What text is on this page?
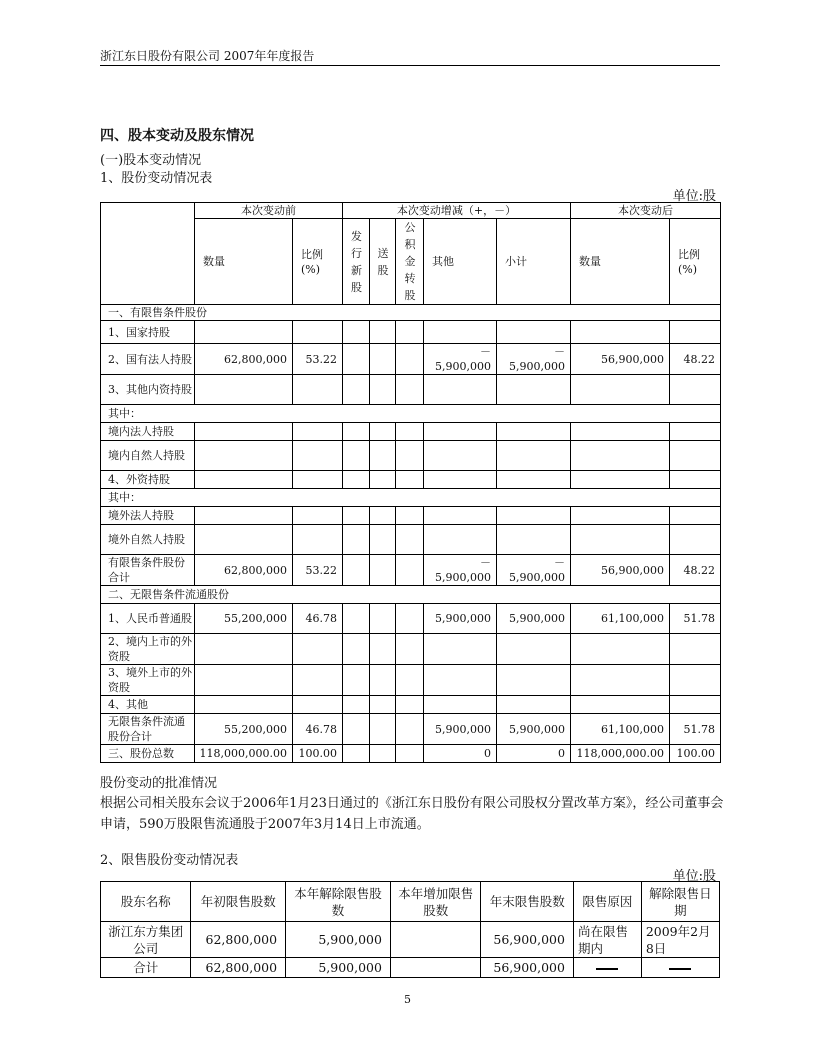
浙江东日股份有限公司 2007年年度报告
四、股本变动及股东情况
(一)股本变动情况
1、股份变动情况表
单位:股
	本次变动前		本次变动增减（+，－）					本次变动后	
	数量	比例(%)	发行新股	送股	公积金转股	其他	小计	数量	比例(%)
一、有限售条件股份									
1、国家持股									
2、国有法人持股	62,800,000	53.22				－5,900,000	－5,900,000	56,900,000	48.22
3、其他内资持股									
其中：									
境内法人持股									
境内自然人持股									
4、外资持股									
其中：									
境外法人持股									
境外自然人持股									
有限售条件股份合计	62,800,000	53.22				－5,900,000	－5,900,000	56,900,000	48.22
二、无限售条件流通股份									
1、人民币普通股	55,200,000	46.78				5,900,000	5,900,000	61,100,000	51.78
2、境内上市的外资股									
3、境外上市的外资股									
4、其他									
无限售条件流通股份合计	55,200,000	46.78				5,900,000	5,900,000	61,100,000	51.78
三、股份总数	118,000,000.00	100.00				0	0	118,000,000.00	100.00
股份变动的批准情况
根据公司相关股东会议于2006年1月23日通过的《浙江东日股份有限公司股权分置改革方案》，经公司董事会申请，590万股限售流通股于2007年3月14日上市流通。
2、限售股份变动情况表
单位:股
股东名称	年初限售股数	本年解除限售股数	本年增加限售股数	年末限售股数	限售原因	解除限售日期
浙江东方集团公司	62,800,000	5,900,000		56,900,000	尚在限售期内	2009年2月8日
合计	62,800,000	5,900,000		56,900,000		
5
